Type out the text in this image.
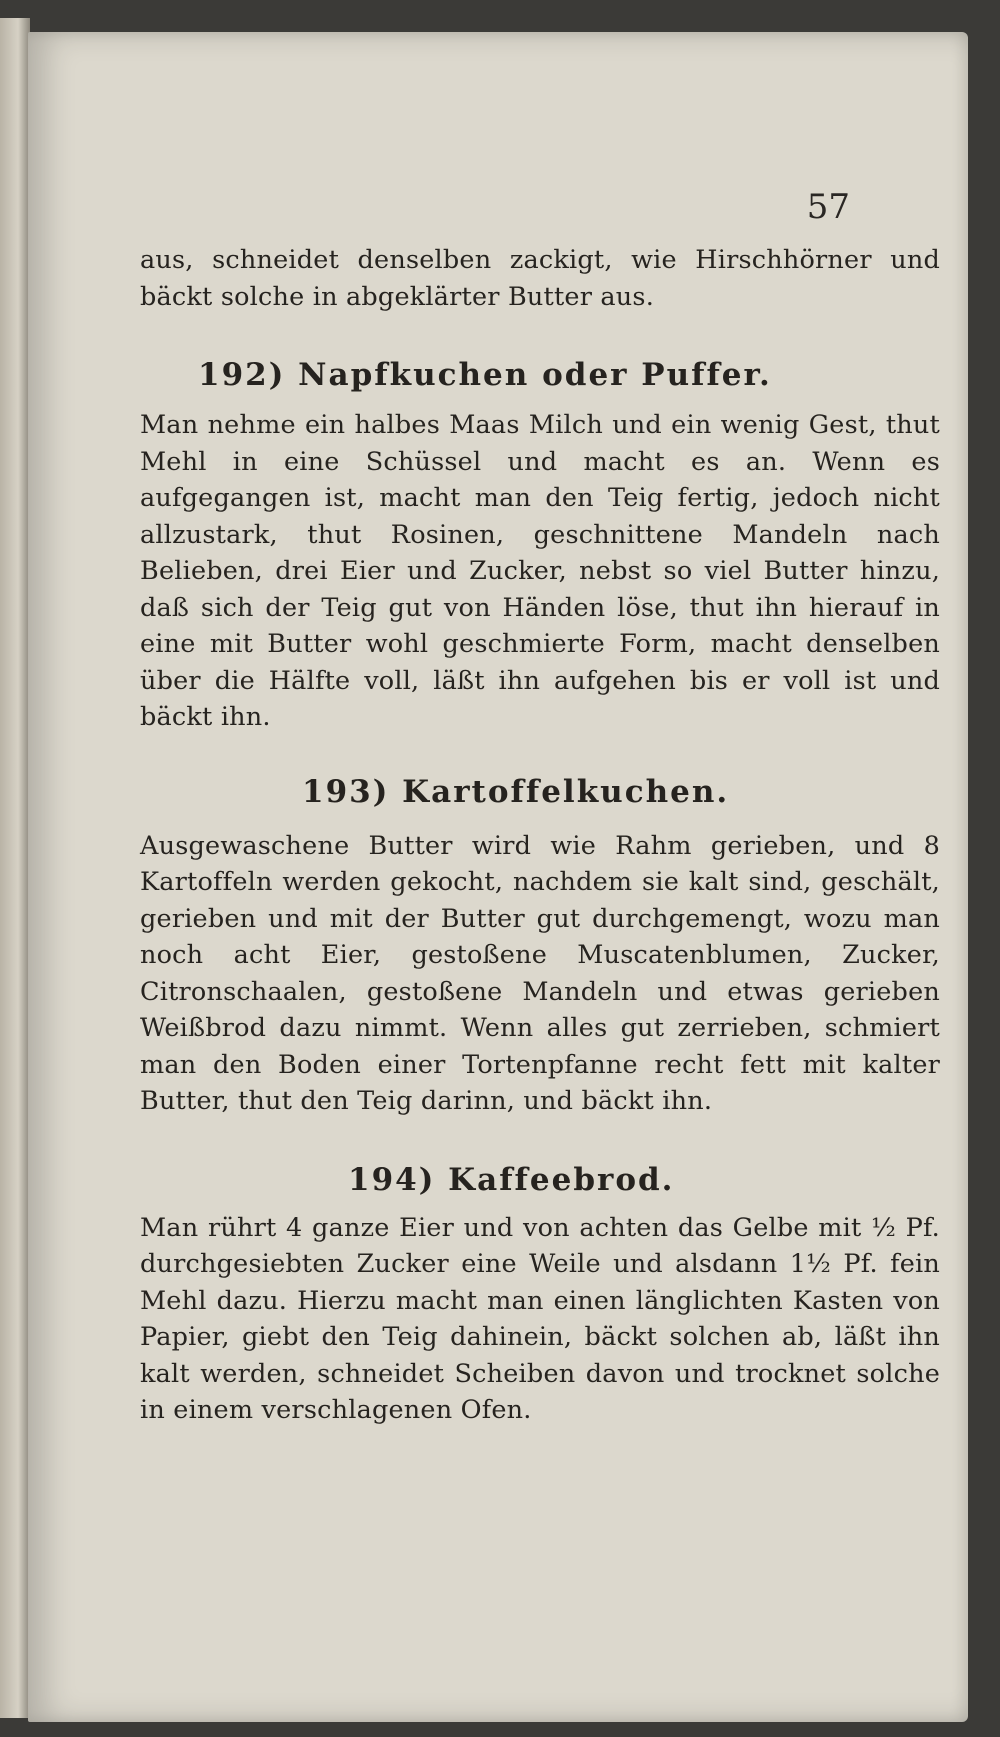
57

aus, schneidet denselben zackigt, wie Hirschhörner und bäckt solche in abgeklärter Butter aus.

192) Napfkuchen oder Puffer.

Man nehme ein halbes Maas Milch und ein wenig Gest, thut Mehl in eine Schüssel und macht es an. Wenn es aufgegangen ist, macht man den Teig fertig, jedoch nicht allzustark, thut Rosinen, geschnittene Mandeln nach Belieben, drei Eier und Zucker, nebst so viel Butter hinzu, daß sich der Teig gut von Händen löse, thut ihn hierauf in eine mit Butter wohl geschmierte Form, macht denselben über die Hälfte voll, läßt ihn aufgehen bis er voll ist und bäckt ihn.

193) Kartoffelkuchen.

Ausgewaschene Butter wird wie Rahm gerieben, und 8 Kartoffeln werden gekocht, nachdem sie kalt sind, geschält, gerieben und mit der Butter gut durchgemengt, wozu man noch acht Eier, gestoßene Muscatenblumen, Zucker, Citronschaalen, gestoßene Mandeln und etwas gerieben Weißbrod dazu nimmt. Wenn alles gut zerrieben, schmiert man den Boden einer Tortenpfanne recht fett mit kalter Butter, thut den Teig darinn, und bäckt ihn.

194) Kaffeebrod.

Man rührt 4 ganze Eier und von achten das Gelbe mit ½ Pf. durchgesiebten Zucker eine Weile und alsdann 1½ Pf. fein Mehl dazu. Hierzu macht man einen länglichten Kasten von Papier, giebt den Teig dahinein, bäckt solchen ab, läßt ihn kalt werden, schneidet Scheiben davon und trocknet solche in einem verschlagenen Ofen.
